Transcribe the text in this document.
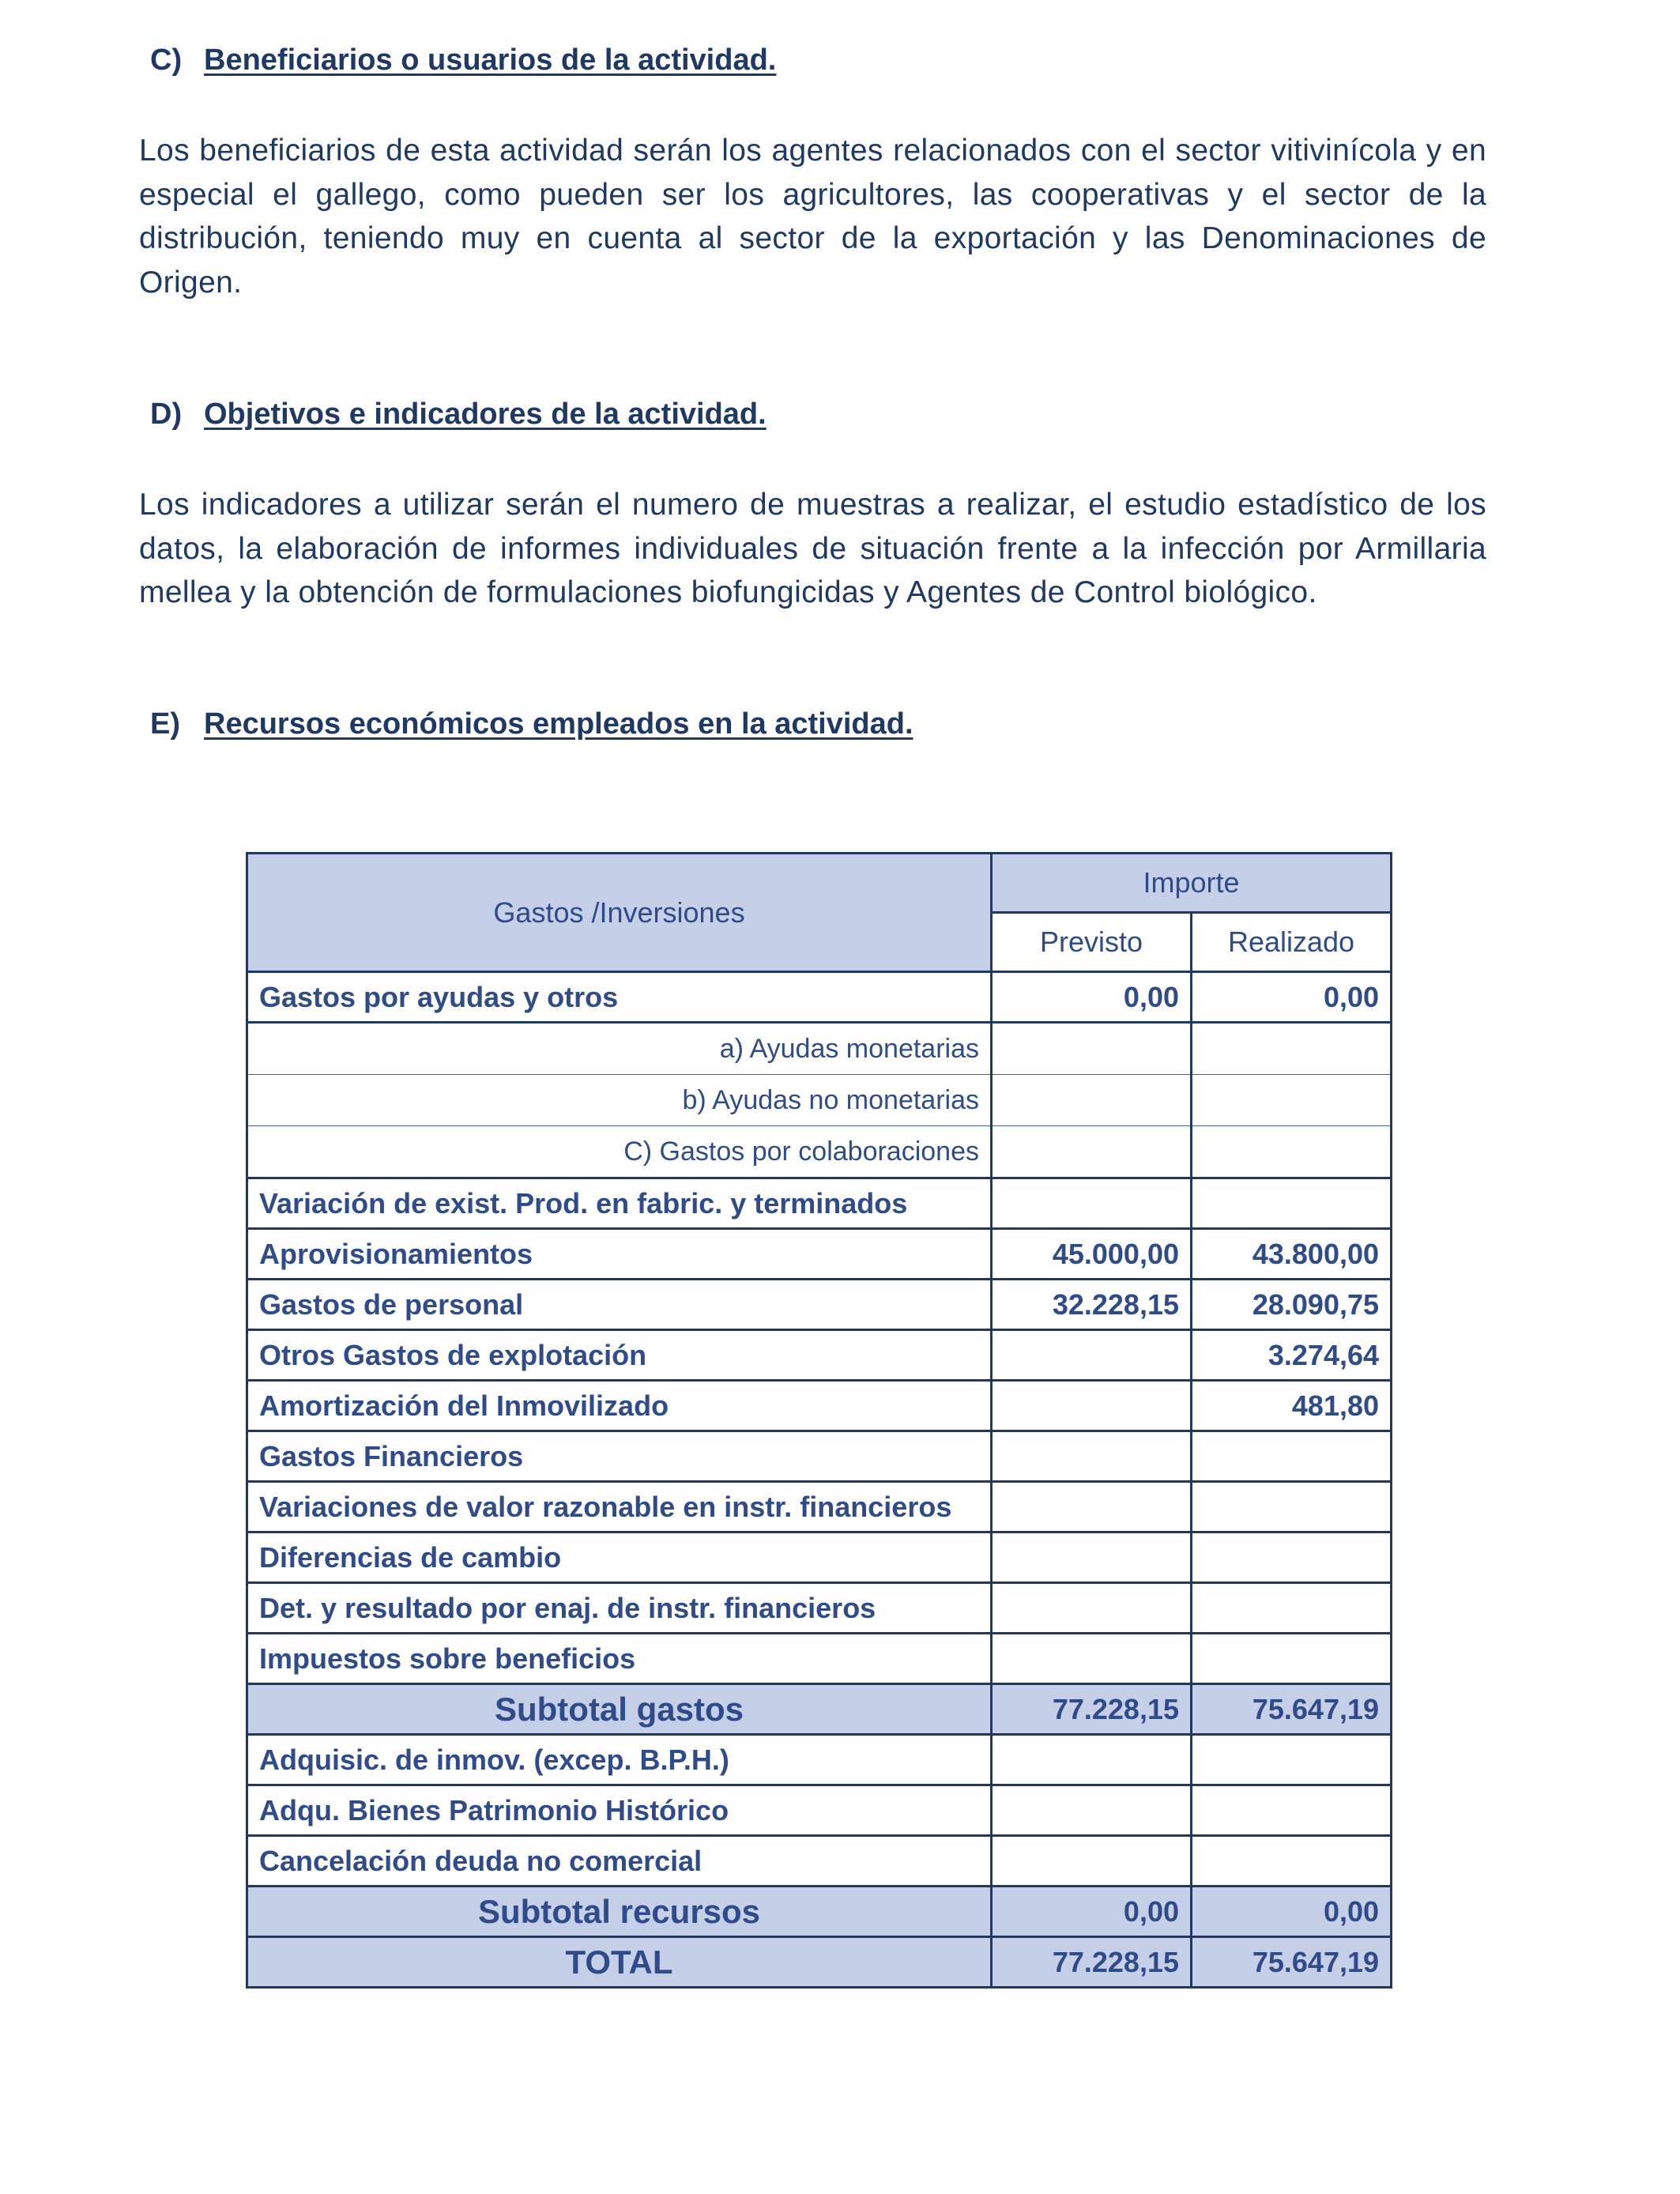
C) Beneficiarios o usuarios de la actividad.
Los beneficiarios de esta actividad serán los agentes relacionados con el sector vitivinícola y en especial el gallego, como pueden ser los agricultores, las cooperativas y el sector de la distribución, teniendo muy en cuenta al sector de la exportación y las Denominaciones de Origen.
D) Objetivos e indicadores de la actividad.
Los indicadores a utilizar serán el numero de muestras a realizar, el estudio estadístico de los datos, la elaboración de informes individuales de situación frente a la infección por Armillaria mellea y la obtención de formulaciones biofungicidas y Agentes de Control biológico.
E) Recursos económicos empleados en la actividad.
Gastos /Inversiones	Importe	
	Previsto	Realizado
Gastos por ayudas y otros	0,00	0,00
a) Ayudas monetarias		
b) Ayudas no monetarias		
C) Gastos por colaboraciones		
Variación de exist. Prod. en fabric. y terminados		
Aprovisionamientos	45.000,00	43.800,00
Gastos de personal	32.228,15	28.090,75
Otros Gastos de explotación		3.274,64
Amortización del Inmovilizado		481,80
Gastos Financieros		
Variaciones de valor razonable en instr. financieros		
Diferencias de cambio		
Det. y resultado por enaj. de instr. financieros		
Impuestos sobre beneficios		
Subtotal gastos	77.228,15	75.647,19
Adquisic. de inmov. (excep. B.P.H.)		
Adqu. Bienes Patrimonio Histórico		
Cancelación deuda no comercial		
Subtotal recursos	0,00	0,00
TOTAL	77.228,15	75.647,19
